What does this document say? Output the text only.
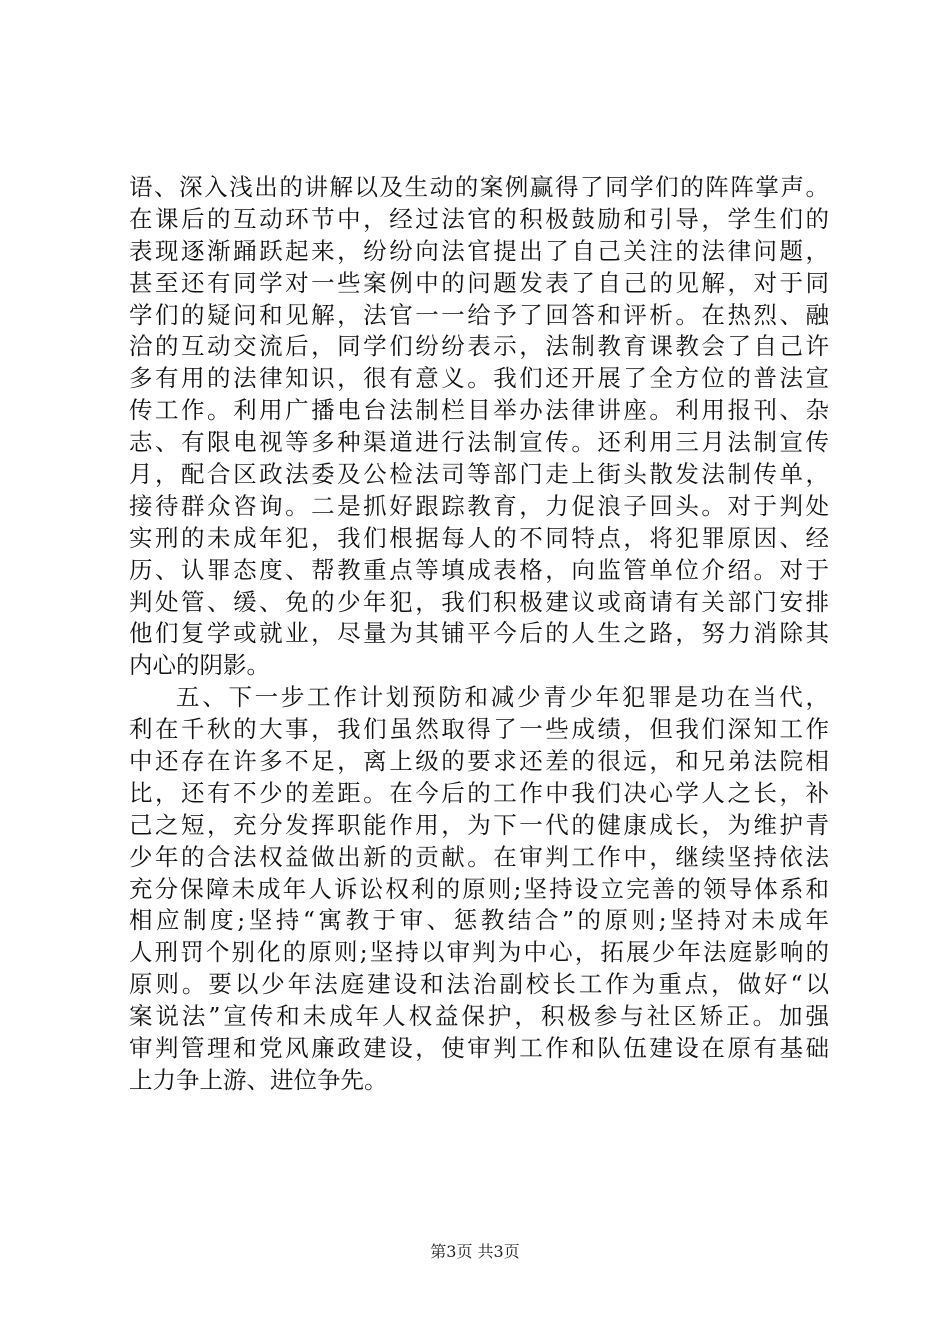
语、深入浅出的讲解以及生动的案例赢得了同学们的阵阵掌声。
在课后的互动环节中，经过法官的积极鼓励和引导，学生们的
表现逐渐踊跃起来，纷纷向法官提出了自己关注的法律问题，
甚至还有同学对一些案例中的问题发表了自己的见解，对于同
学们的疑问和见解，法官一一给予了回答和评析。在热烈、融
洽的互动交流后，同学们纷纷表示，法制教育课教会了自己许
多有用的法律知识，很有意义。我们还开展了全方位的普法宣
传工作。利用广播电台法制栏目举办法律讲座。利用报刊、杂
志、有限电视等多种渠道进行法制宣传。还利用三月法制宣传
月，配合区政法委及公检法司等部门走上街头散发法制传单，
接待群众咨询。二是抓好跟踪教育，力促浪子回头。对于判处
实刑的未成年犯，我们根据每人的不同特点，将犯罪原因、经
历、认罪态度、帮教重点等填成表格，向监管单位介绍。对于
判处管、缓、免的少年犯，我们积极建议或商请有关部门安排
他们复学或就业，尽量为其铺平今后的人生之路，努力消除其
内心的阴影。
五、下一步工作计划预防和减少青少年犯罪是功在当代，
利在千秋的大事，我们虽然取得了一些成绩，但我们深知工作
中还存在许多不足，离上级的要求还差的很远，和兄弟法院相
比，还有不少的差距。在今后的工作中我们决心学人之长，补
己之短，充分发挥职能作用，为下一代的健康成长，为维护青
少年的合法权益做出新的贡献。在审判工作中，继续坚持依法
充分保障未成年人诉讼权利的原则;坚持设立完善的领导体系和
相应制度;坚持“寓教于审、惩教结合”的原则;坚持对未成年
人刑罚个别化的原则;坚持以审判为中心，拓展少年法庭影响的
原则。要以少年法庭建设和法治副校长工作为重点，做好“以
案说法”宣传和未成年人权益保护，积极参与社区矫正。加强
审判管理和党风廉政建设，使审判工作和队伍建设在原有基础
上力争上游、进位争先。
第3页 共3页
